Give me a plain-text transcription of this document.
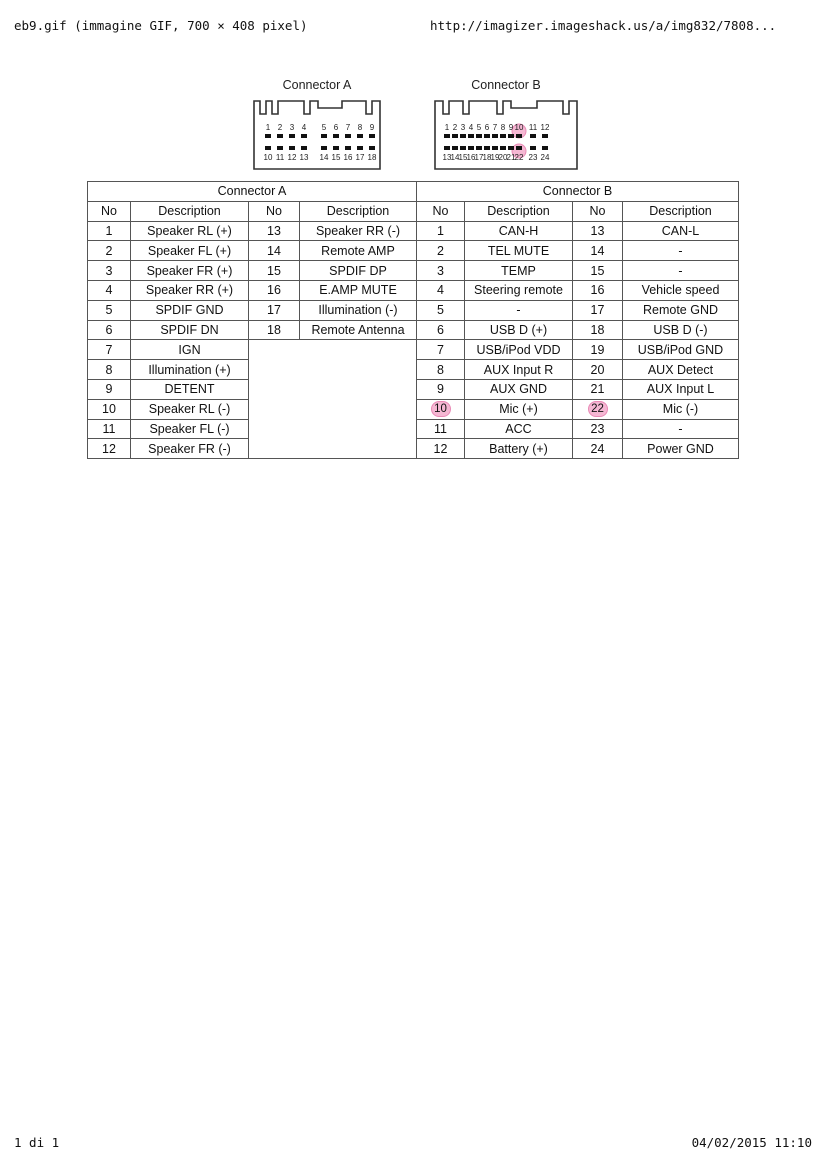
eb9.gif (immagine GIF, 700 × 408 pixel)	http://imagizer.imageshack.us/a/img832/7808...
Connector A
1 2 3 4 5 6 7 8 9
10 11 12 13 14 15 16 17 18
Connector B
1 2 3 4 5 6 7 8 9 10 11 12
13 14 15 16 17 18 19 20 21 22 23 24
Connector A				Connector B			
No	Description	No	Description	No	Description	No	Description
1	Speaker RL (+)	13	Speaker RR (-)	1	CAN-H	13	CAN-L
2	Speaker FL (+)	14	Remote AMP	2	TEL MUTE	14	-
3	Speaker FR (+)	15	SPDIF DP	3	TEMP	15	-
4	Speaker RR (+)	16	E.AMP MUTE	4	Steering remote	16	Vehicle speed
5	SPDIF GND	17	Illumination (-)	5	-	17	Remote GND
6	SPDIF DN	18	Remote Antenna	6	USB D (+)	18	USB D (-)
7	IGN			7	USB/iPod VDD	19	USB/iPod GND
8	Illumination (+)			8	AUX Input R	20	AUX Detect
9	DETENT			9	AUX GND	21	AUX Input L
10	Speaker RL (-)			10	Mic (+)	22	Mic (-)
11	Speaker FL (-)			11	ACC	23	-
12	Speaker FR (-)			12	Battery (+)	24	Power GND
1 di 1	04/02/2015 11:10
